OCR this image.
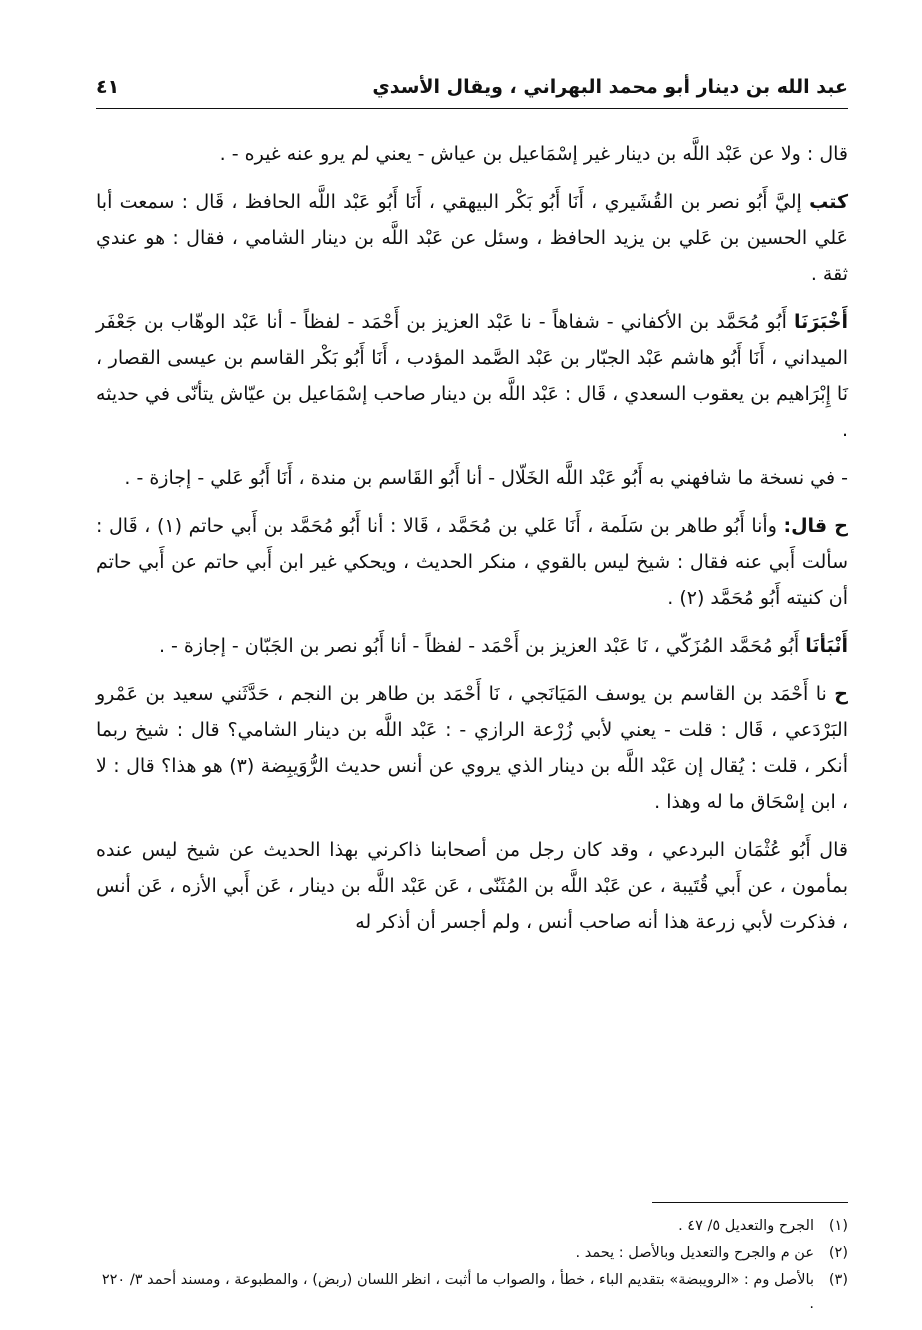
عبد الله بن دينار أبو محمد البهراني ، ويقال الأسدي
٤١

قال : ولا عن عَبْد اللَّه بن دينار غير إسْمَاعيل بن عياش - يعني لم يرو عنه غيره - .

كتب إليَّ أَبُو نصر بن القُشَيري ، أَنَا أَبُو بَكْر البيهقي ، أَنَا أَبُو عَبْد اللَّه الحافظ ، قَال : سمعت أبا عَلي الحسين بن عَلي بن يزيد الحافظ ، وسئل عن عَبْد اللَّه بن دينار الشامي ، فقال : هو عندي ثقة .

أَخْبَرَنَا أَبُو مُحَمَّد بن الأكفاني - شفاهاً - نا عَبْد العزيز بن أَحْمَد - لفظاً - أنا عَبْد الوهّاب بن جَعْفَر الميداني ، أَنَا أَبُو هاشم عَبْد الجبّار بن عَبْد الصَّمد المؤدب ، أَنَا أَبُو بَكْر القاسم بن عيسى القصار ، نَا إِبْرَاهيم بن يعقوب السعدي ، قَال : عَبْد اللَّه بن دينار صاحب إسْمَاعيل بن عيّاش يتأنّى في حديثه .

- في نسخة ما شافهني به أَبُو عَبْد اللَّه الخَلّال - أنا أَبُو القَاسم بن مندة ، أَنَا أَبُو عَلي - إجازة - .

ح قال: وأنا أَبُو طاهر بن سَلَمة ، أَنَا عَلي بن مُحَمَّد ، قَالا : أنا أَبُو مُحَمَّد بن أَبي حاتم (١) ، قَال : سألت أَبي عنه فقال : شيخ ليس بالقوي ، منكر الحديث ، ويحكي غير ابن أَبي حاتم عن أَبي حاتم أن كنيته أَبُو مُحَمَّد (٢) .

أَنْبَأنَا أَبُو مُحَمَّد المُزَكّي ، نَا عَبْد العزيز بن أَحْمَد - لفظاً - أنا أَبُو نصر بن الجَبّان - إجازة - .

ح نا أَحْمَد بن القاسم بن يوسف المَيَانَجي ، نَا أَحْمَد بن طاهر بن النجم ، حَدَّثَني سعيد بن عَمْرو البَرْدَعي ، قَال : قلت - يعني لأبي زُرْعة الرازي - : عَبْد اللَّه بن دينار الشامي؟ قال : شيخ ربما أنكر ، قلت : يُقال إن عَبْد اللَّه بن دينار الذي يروي عن أنس حديث الرُّوَيبِضة (٣) هو هذا؟ قال : لا ، ابن إسْحَاق ما له وهذا .

قال أَبُو عُثْمَان البردعي ، وقد كان رجل من أصحابنا ذاكرني بهذا الحديث عن شيخ ليس عنده بمأمون ، عن أَبي قُتَيبة ، عن عَبْد اللَّه بن المُثَنّى ، عَن عَبْد اللَّه بن دينار ، عَن أَبي الأزه ، عَن أنس ، فذكرت لأبي زرعة هذا أنه صاحب أنس ، ولم أجسر أن أذكر له

(١)
الجرح والتعديل ٥/ ٤٧ .
(٢)
عن م والجرح والتعديل وبالأصل : يحمد .
(٣)
بالأصل وم : «الرويبضة» بتقديم الباء ، خطأ ، والصواب ما أثبت ، انظر اللسان (ربض) ، والمطبوعة ، ومسند أحمد ٣/ ٢٢٠ .
